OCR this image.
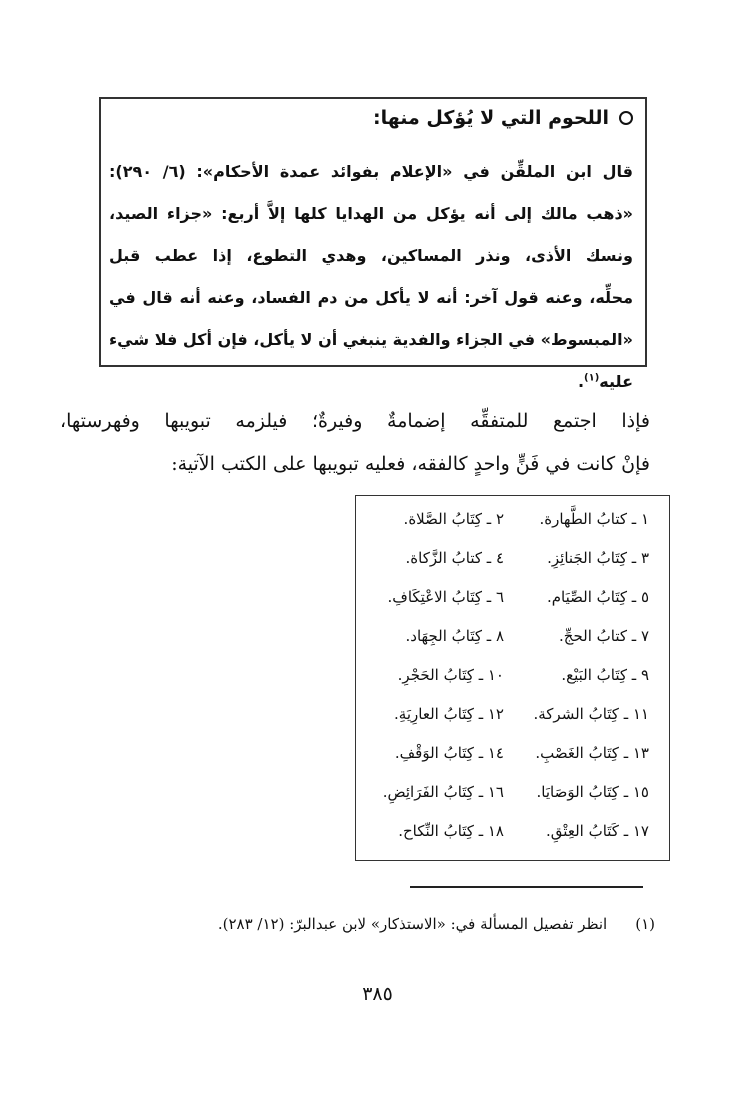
اللحوم التي لا يُؤكل منها:
قال ابن الملقِّن في «الإعلام بفوائد عمدة الأحكام»: (٦/ ٢٩٠):
«ذهب مالك إلى أنه يؤكل من الهدايا كلها إلاَّ أربع: «جزاء الصيد،
ونسك الأذى، ونذر المساكين، وهدي التطوع، إذا عطب قبل
محلِّه، وعنه قول آخر: أنه لا يأكل من دم الفساد، وعنه أنه قال في
«المبسوط» في الجزاء والفدية ينبغي أن لا يأكل، فإن أكل فلا شيء
عليه$^{(١)}$.
فإذا اجتمع للمتفقِّه إضمامةٌ وفيرةٌ؛ فيلزمه تبويبها وفهرستها،
فإنْ كانت في فَنٍّ واحدٍ كالفقه، فعليه تبويبها على الكتب الآتية:
١ ـ كتابُ الطَّهارة.
٢ ـ كِتَابُ الصَّلاة.
٣ ـ كِتَابُ الجَنائِزِ.
٤ ـ كتابُ الزَّكاة.
٥ ـ كِتَابُ الصِّيَام.
٦ ـ كِتَابُ الاعْتِكَافِ.
٧ ـ كتابُ الحجِّ.
٨ ـ كِتَابُ الجِهَاد.
٩ ـ كِتَابُ البَيْع.
١٠ ـ كِتَابُ الحَجْرِ.
١١ ـ كِتَابُ الشركة.
١٢ ـ كِتَابُ العارِيَةِ.
١٣ ـ كِتَابُ الغَصْبِ.
١٤ ـ كِتَابُ الوَقْفِ.
١٥ ـ كِتَابُ الوَصَايَا.
١٦ ـ كِتَابُ الفَرَائِضِ.
١٧ ـ كَتَابُ العِتْقِ.
١٨ ـ كِتَابُ النِّكاح.
(١)انظر تفصيل المسألة في: «الاستذكار» لابن عبدالبرّ: (١٢/ ٢٨٣).
٣٨٥
